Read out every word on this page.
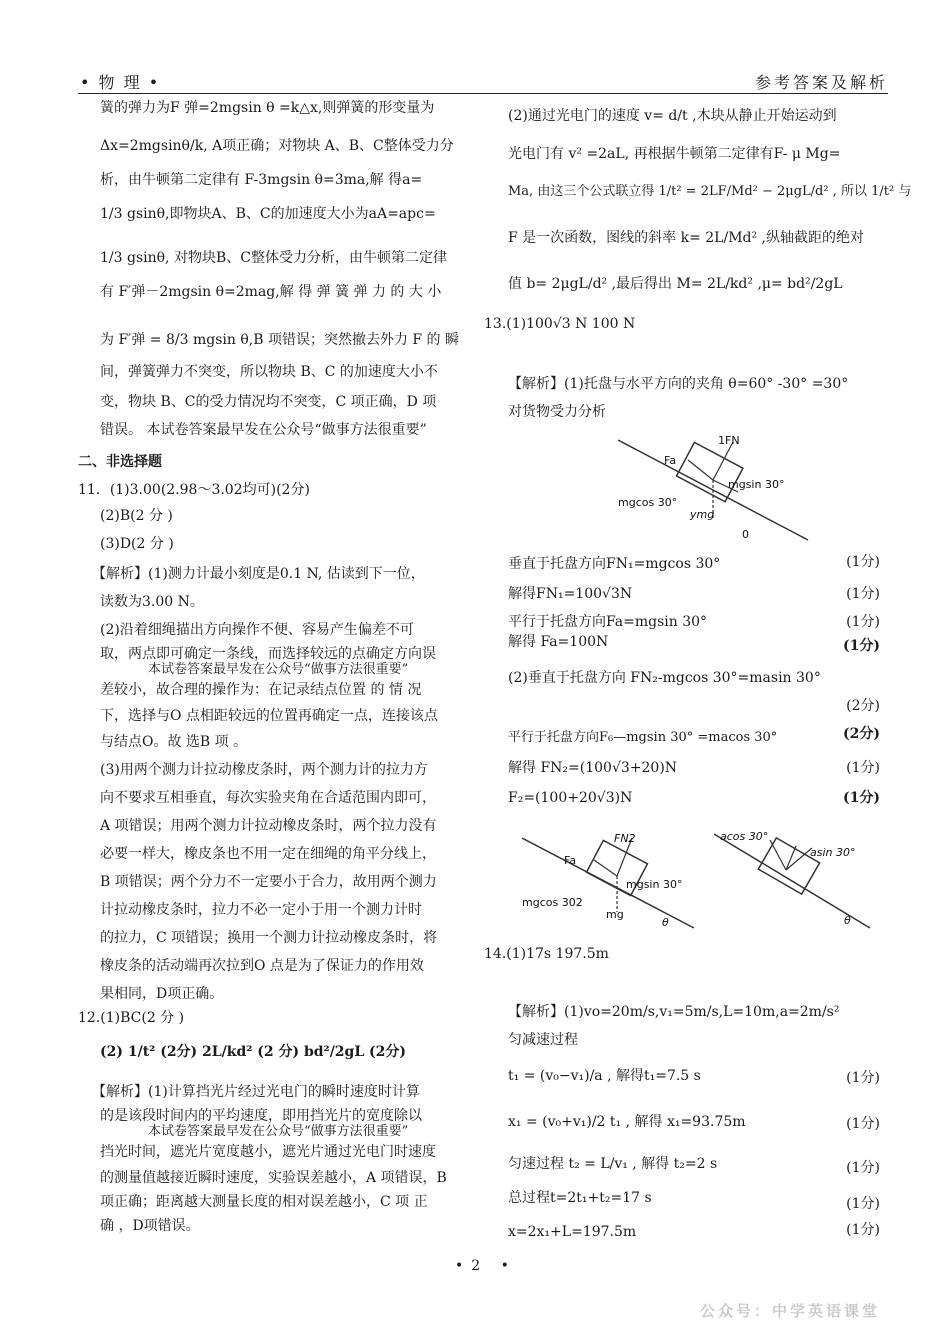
• 物 理 •	参考答案及解析
簧的弹力为F 弹=2mgsin θ =k△x,则弹簧的形变量为
Δx=2mgsinθ/k, A项正确；对物块 A、B、C整体受力分
析，由牛顿第二定律有 F-3mgsin θ=3ma,解 得a=
1/3 gsinθ,即物块A、B、C的加速度大小为aA=apc=
1/3 gsinθ, 对物块B、C整体受力分析，由牛顿第二定律
有 F′弹－2mgsin θ=2mag,解 得 弹 簧 弹 力 的 大 小
为 F′弹 = 8/3 mgsin θ,B 项错误；突然撤去外力 F 的 瞬
间，弹簧弹力不突变，所以物块 B、C 的加速度大小不
变，物块 B、C的受力情况均不突变，C 项正确，D 项
错误。 本试卷答案最早发在公众号“做事方法很重要”
二、非选择题
11．(1)3.00(2.98～3.02均可)(2分)
(2)B(2 分 )
(3)D(2 分 )
【解析】(1)测力计最小刻度是0.1 N, 估读到下一位，
读数为3.00 N。
(2)沿着细绳描出方向操作不便、容易产生偏差不可
取，两点即可确定一条线，而选择较远的点确定方向误
本试卷答案最早发在公众号“做事方法很重要”
差较小，故合理的操作为：在记录结点位置 的 情 况
下，选择与O 点相距较远的位置再确定一点，连接该点
与结点O。故 选B 项 。
(3)用两个测力计拉动橡皮条时，两个测力计的拉力方
向不要求互相垂直，每次实验夹角在合适范围内即可，
A 项错误；用两个测力计拉动橡皮条时，两个拉力没有
必要一样大，橡皮条也不用一定在细绳的角平分线上，
B 项错误；两个分力不一定要小于合力，故用两个测力
计拉动橡皮条时，拉力不必一定小于用一个测力计时
的拉力，C 项错误；换用一个测力计拉动橡皮条时，将
橡皮条的活动端再次拉到O 点是为了保证力的作用效
果相同，D项正确。
12.(1)BC(2 分 )
(2) 1/t² (2分) 2L/kd² (2 分) bd²/2gL (2分)
【解析】(1)计算挡光片经过光电门的瞬时速度时计算
的是该段时间内的平均速度，即用挡光片的宽度除以
本试卷答案最早发在公众号“做事方法很重要”
挡光时间，遮光片宽度越小，遮光片通过光电门时速度
的测量值越接近瞬时速度，实验误差越小，A 项错误，B
项正确；距离越大测量长度的相对误差越小，C 项 正
确 ，D项错误。
(2)通过光电门的速度 v= d/t ,木块从静止开始运动到
光电门有 v² =2aL, 再根据牛顿第二定律有F- μ Mg=
Ma, 由这三个公式联立得 1/t² = 2LF/Md² − 2μgL/d² , 所以 1/t² 与
F 是一次函数，图线的斜率 k= 2L/Md² ,纵轴截距的绝对
值 b= 2μgL/d² ,最后得出 M= 2L/kd² ,μ= bd²/2gL
13.(1)100√3 N 100 N
【解析】(1)托盘与水平方向的夹角 θ=60° -30° =30°
对货物受力分析
1FN
Fa
mgsin 30°
mgcos 30°
ymg
0
垂直于托盘方向FN₁=mgcos 30°
解得FN₁=100√3N
平行于托盘方向Fa=mgsin 30°
解得 Fa=100N
(2)垂直于托盘方向 FN₂-mgcos 30°=masin 30°
平行于托盘方向F₆—mgsin 30° =macos 30°
解得 FN₂=(100√3+20)N
F₂=(100+20√3)N
(1分)
(1分)
(1分)
(1分)
(2分)
(2分)
(1分)
(1分)
FN2
Fa
mgsin 30°
mgcos 302
mg
θ
acos 30°
asin 30°
θ
14.(1)17s 197.5m
【解析】(1)vo=20m/s,v₁=5m/s,L=10m,a=2m/s²
匀减速过程
t₁ = (v₀−v₁)/a , 解得t₁=7.5 s
x₁ = (v₀+v₁)/2 t₁ , 解得 x₁=93.75m
匀速过程 t₂ = L/v₁ , 解得 t₂=2 s
总过程t=2t₁+t₂=17 s
x=2x₁+L=197.5m
(1分)
(1分)
(1分)
(1分)
(1分)
•2 •
公众号：中学英语课堂
